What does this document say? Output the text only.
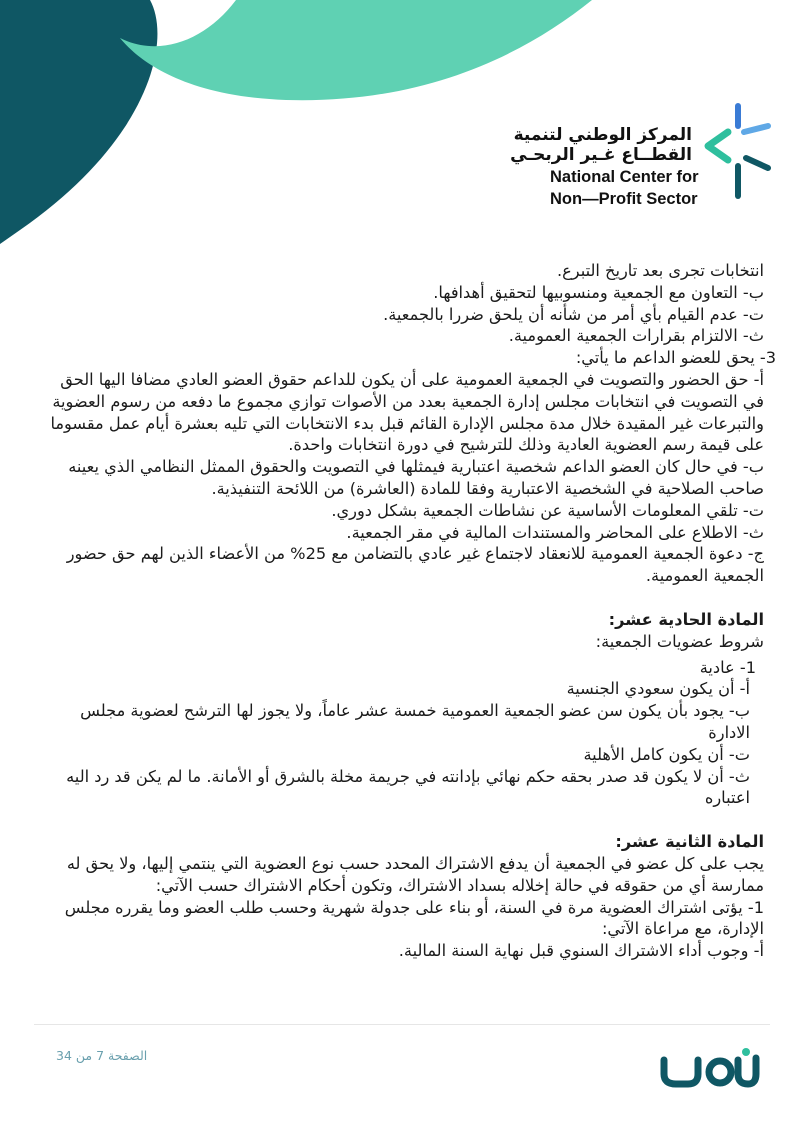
المركز الوطني لتنمية
القطــاع غـير الربحـي
National Center for
Non—Profit Sector

انتخابات تجرى بعد تاريخ التبرع.

ب- التعاون مع الجمعية ومنسوبيها لتحقيق أهدافها.

ت- عدم القيام بأي أمر من شأنه أن يلحق ضررا بالجمعية.

ث- الالتزام بقرارات الجمعية العمومية.

3- يحق للعضو الداعم ما يأتي:

أ- حق الحضور والتصويت في الجمعية العمومية على أن يكون للداعم حقوق العضو العادي مضافا اليها الحق في التصويت في انتخابات مجلس إدارة الجمعية بعدد من الأصوات توازي مجموع ما دفعه من رسوم العضوية والتبرعات غير المقيدة خلال مدة مجلس الإدارة القائم قبل بدء الانتخابات التي تليه بعشرة أيام عمل مقسوما على قيمة رسم العضوية العادية وذلك للترشيح في دورة انتخابات واحدة.

ب- في حال كان العضو الداعم شخصية اعتبارية فيمثلها في التصويت والحقوق الممثل النظامي الذي يعينه صاحب الصلاحية في الشخصية الاعتبارية وفقا للمادة (العاشرة) من اللائحة التنفيذية.

ت- تلقي المعلومات الأساسية عن نشاطات الجمعية بشكل دوري.

ث- الاطلاع على المحاضر والمستندات المالية في مقر الجمعية.

ج- دعوة الجمعية العمومية للانعقاد لاجتماع غير عادي بالتضامن مع 25% من الأعضاء الذين لهم حق حضور الجمعية العمومية.

المادة الحادية عشر:

شروط عضويات الجمعية:

1- عادية

أ- أن يكون سعودي الجنسية

ب- يجود بأن يكون سن عضو الجمعية العمومية خمسة عشر عاماً، ولا يجوز لها الترشح لعضوية مجلس الادارة

ت- أن يكون كامل الأهلية

ث- أن لا يكون قد صدر بحقه حكم نهائي بإدانته في جريمة مخلة بالشرق أو الأمانة. ما لم يكن قد رد اليه اعتباره

المادة الثانية عشر:

يجب على كل عضو في الجمعية أن يدفع الاشتراك المحدد حسب نوع العضوية التي ينتمي إليها، ولا يحق له ممارسة أي من حقوقه في حالة إخلاله بسداد الاشتراك، وتكون أحكام الاشتراك حسب الآتي:

1- يؤتى اشتراك العضوية مرة في السنة، أو بناء على جدولة شهرية وحسب طلب العضو وما يقرره مجلس الإدارة، مع مراعاة الآتي:

أ- وجوب أداء الاشتراك السنوي قبل نهاية السنة المالية.

الصفحة 7 من 34
